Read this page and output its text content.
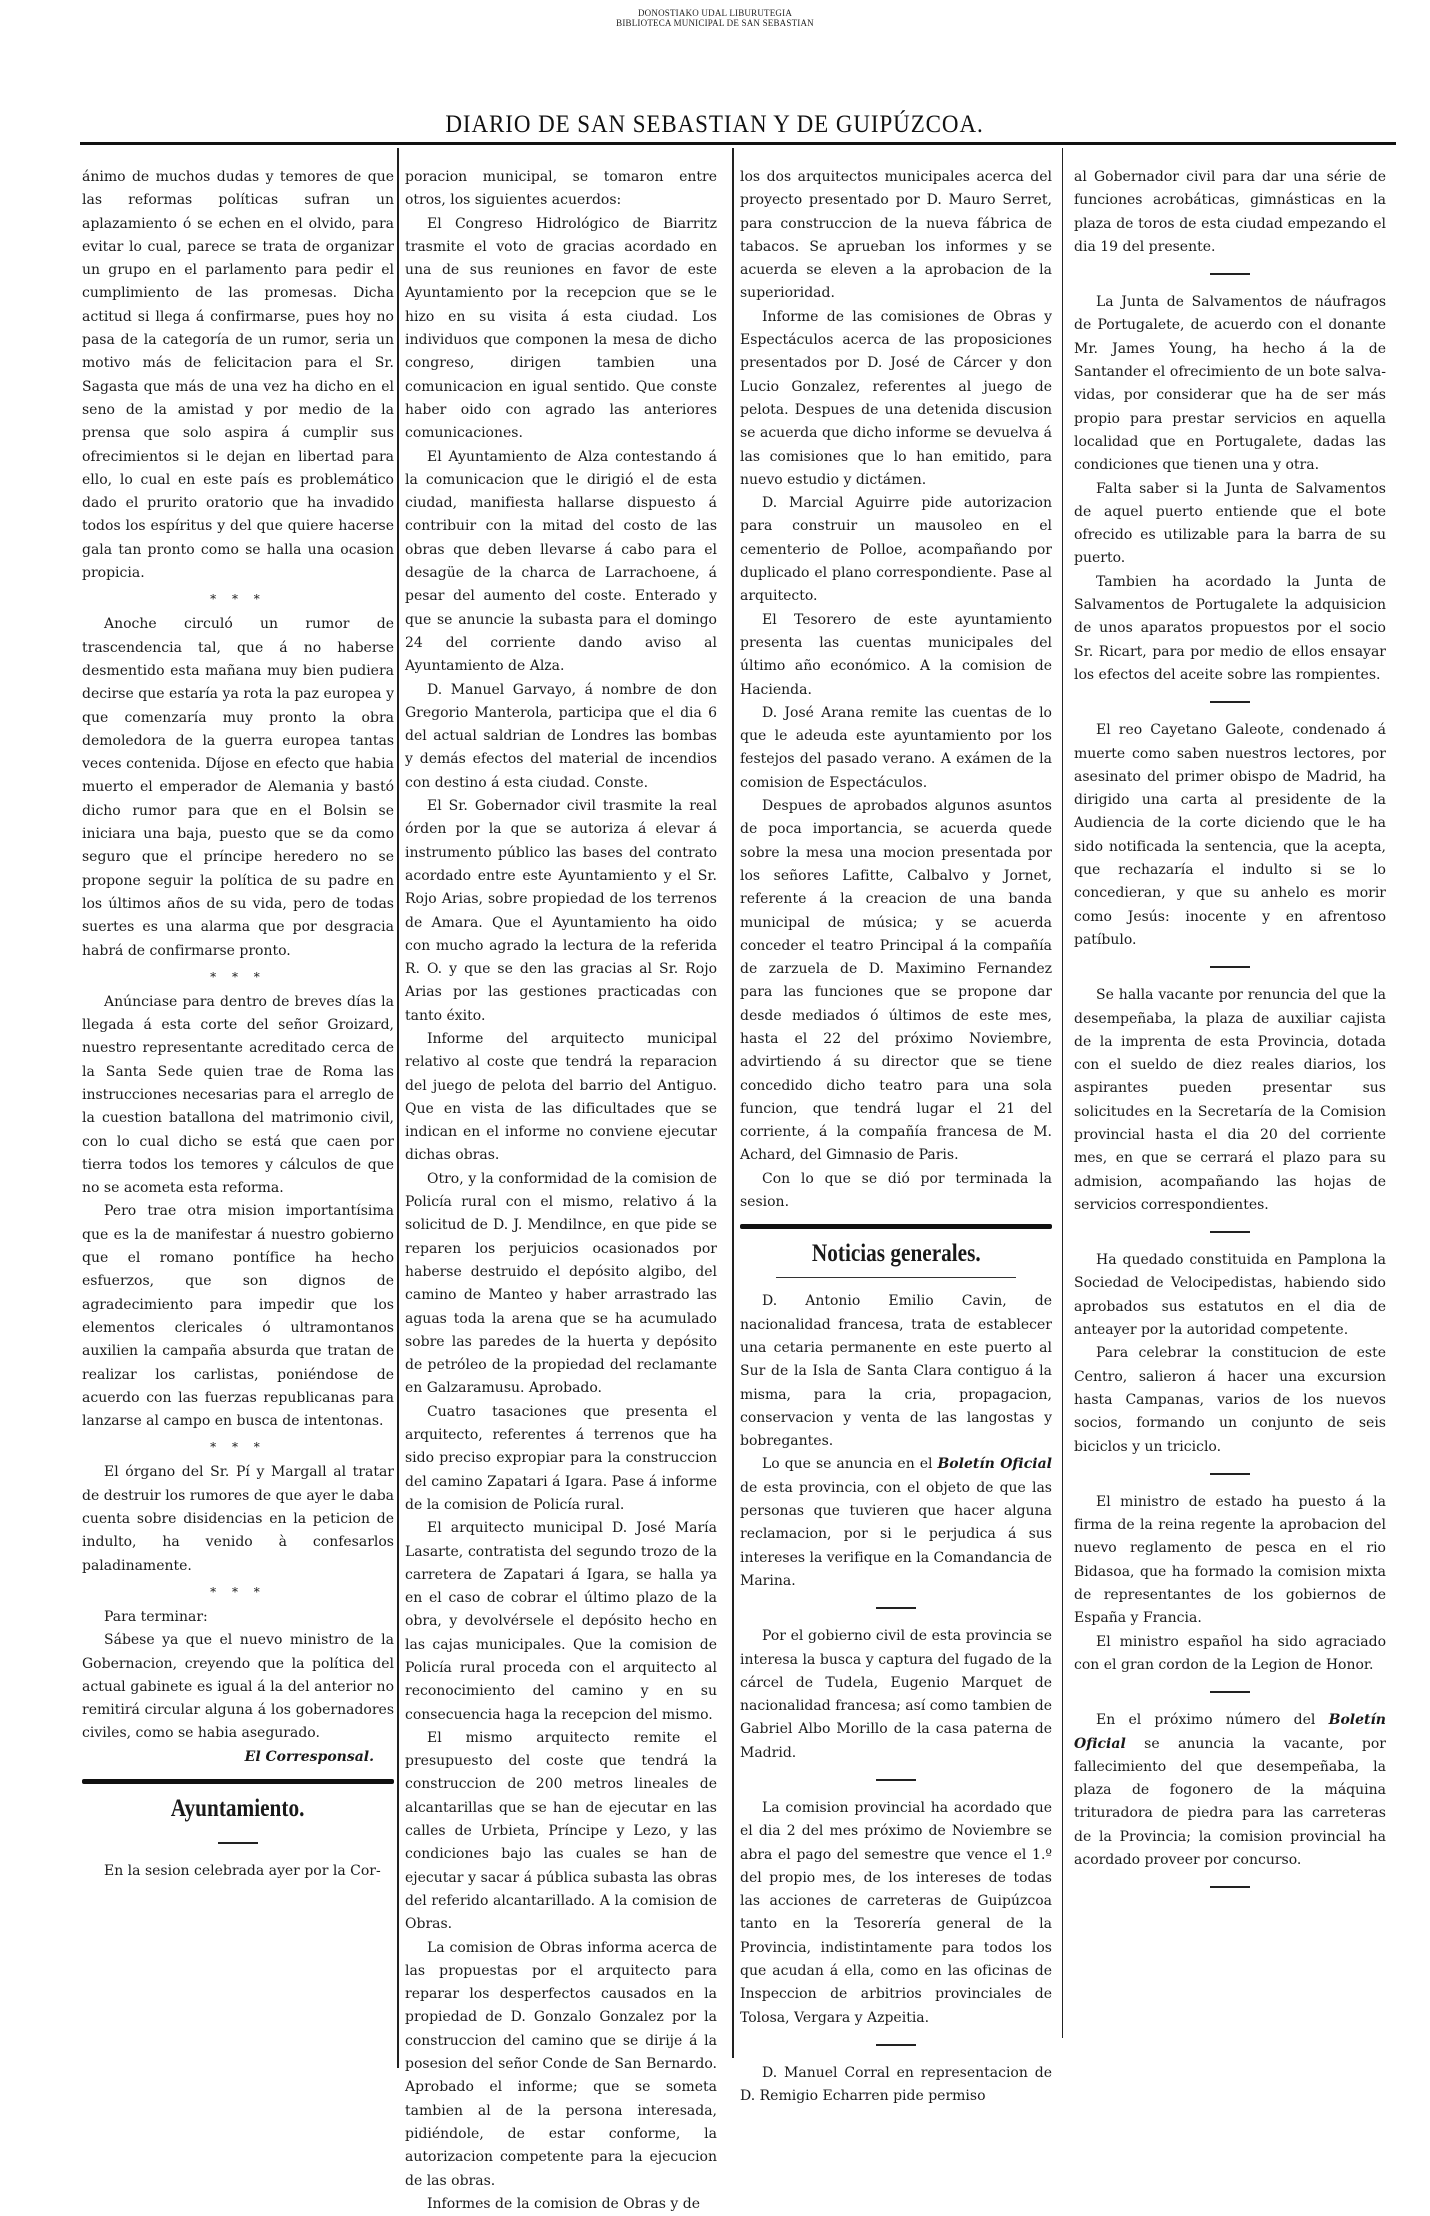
DONOSTIAKO UDAL LIBURUTEGIA
BIBLIOTECA MUNICIPAL DE SAN SEBASTIAN
DIARIO DE SAN SEBASTIAN Y DE GUIPÚZCOA.

ánimo de muchos dudas y temores de que las reformas políticas sufran un aplazamiento ó se echen en el olvido, para evitar lo cual, parece se trata de organizar un grupo en el parlamento para pedir el cumplimiento de las promesas. Dicha actitud si llega á confirmarse, pues hoy no pasa de la categoría de un rumor, seria un motivo más de felicitacion para el Sr. Sagasta que más de una vez ha dicho en el seno de la amistad y por medio de la prensa que solo aspira á cumplir sus ofrecimientos si le dejan en libertad para ello, lo cual en este país es problemático dado el prurito oratorio que ha invadido todos los espíritus y del que quiere hacerse gala tan pronto como se halla una ocasion propicia.

* * *

Anoche circuló un rumor de trascendencia tal, que á no haberse desmentido esta mañana muy bien pudiera decirse que estaría ya rota la paz europea y que comenzaría muy pronto la obra demoledora de la guerra europea tantas veces contenida. Díjose en efecto que habia muerto el emperador de Alemania y bastó dicho rumor para que en el Bolsin se iniciara una baja, puesto que se da como seguro que el príncipe heredero no se propone seguir la política de su padre en los últimos años de su vida, pero de todas suertes es una alarma que por desgracia habrá de confirmarse pronto.

* * *

Anúnciase para dentro de breves días la llegada á esta corte del señor Groizard, nuestro representante acreditado cerca de la Santa Sede quien trae de Roma las instrucciones necesarias para el arreglo de la cuestion batallona del matrimonio civil, con lo cual dicho se está que caen por tierra todos los temores y cálculos de que no se acometa esta reforma.

Pero trae otra mision importantísima que es la de manifestar á nuestro gobierno que el romano pontífice ha hecho esfuerzos, que son dignos de agradecimiento para impedir que los elementos clericales ó ultramontanos auxilien la campaña absurda que tratan de realizar los carlistas, poniéndose de acuerdo con las fuerzas republicanas para lanzarse al campo en busca de intentonas.

* * *

El órgano del Sr. Pí y Margall al tratar de destruir los rumores de que ayer le daba cuenta sobre disidencias en la peticion de indulto, ha venido à confesarlos paladinamente.

* * *

Para terminar:

Sábese ya que el nuevo ministro de la Gobernacion, creyendo que la política del actual gabinete es igual á la del anterior no remitirá circular alguna á los gobernadores civiles, como se habia asegurado.

El Corresponsal.
Ayuntamiento.

En la sesion celebrada ayer por la Cor-

poracion municipal, se tomaron entre otros, los siguientes acuerdos:

El Congreso Hidrológico de Biarritz trasmite el voto de gracias acordado en una de sus reuniones en favor de este Ayuntamiento por la recepcion que se le hizo en su visita á esta ciudad. Los individuos que componen la mesa de dicho congreso, dirigen tambien una comunicacion en igual sentido. Que conste haber oido con agrado las anteriores comunicaciones.

El Ayuntamiento de Alza contestando á la comunicacion que le dirigió el de esta ciudad, manifiesta hallarse dispuesto á contribuir con la mitad del costo de las obras que deben llevarse á cabo para el desagüe de la charca de Larrachoene, á pesar del aumento del coste. Enterado y que se anuncie la subasta para el domingo 24 del corriente dando aviso al Ayuntamiento de Alza.

D. Manuel Garvayo, á nombre de don Gregorio Manterola, participa que el dia 6 del actual saldrian de Londres las bombas y demás efectos del material de incendios con destino á esta ciudad. Conste.

El Sr. Gobernador civil trasmite la real órden por la que se autoriza á elevar á instrumento público las bases del contrato acordado entre este Ayuntamiento y el Sr. Rojo Arias, sobre propiedad de los terrenos de Amara. Que el Ayuntamiento ha oido con mucho agrado la lectura de la referida R. O. y que se den las gracias al Sr. Rojo Arias por las gestiones practicadas con tanto éxito.

Informe del arquitecto municipal relativo al coste que tendrá la reparacion del juego de pelota del barrio del Antiguo. Que en vista de las dificultades que se indican en el informe no conviene ejecutar dichas obras.

Otro, y la conformidad de la comision de Policía rural con el mismo, relativo á la solicitud de D. J. Mendilnce, en que pide se reparen los perjuicios ocasionados por haberse destruido el depósito algibo, del camino de Manteo y haber arrastrado las aguas toda la arena que se ha acumulado sobre las paredes de la huerta y depósito de petróleo de la propiedad del reclamante en Galzaramusu. Aprobado.

Cuatro tasaciones que presenta el arquitecto, referentes á terrenos que ha sido preciso expropiar para la construccion del camino Zapatari á Igara. Pase á informe de la comision de Policía rural.

El arquitecto municipal D. José María Lasarte, contratista del segundo trozo de la carretera de Zapatari á Igara, se halla ya en el caso de cobrar el último plazo de la obra, y devolvérsele el depósito hecho en las cajas municipales. Que la comision de Policía rural proceda con el arquitecto al reconocimiento del camino y en su consecuencia haga la recepcion del mismo.

El mismo arquitecto remite el presupuesto del coste que tendrá la construccion de 200 metros lineales de alcantarillas que se han de ejecutar en las calles de Urbieta, Príncipe y Lezo, y las condiciones bajo las cuales se han de ejecutar y sacar á pública subasta las obras del referido alcantarillado. A la comision de Obras.

La comision de Obras informa acerca de las propuestas por el arquitecto para reparar los desperfectos causados en la propiedad de D. Gonzalo Gonzalez por la construccion del camino que se dirije á la posesion del señor Conde de San Bernardo. Aprobado el informe; que se someta tambien al de la persona interesada, pidiéndole, de estar conforme, la autorizacion competente para la ejecucion de las obras.

Informes de la comision de Obras y de

los dos arquitectos municipales acerca del proyecto presentado por D. Mauro Serret, para construccion de la nueva fábrica de tabacos. Se aprueban los informes y se acuerda se eleven a la aprobacion de la superioridad.

Informe de las comisiones de Obras y Espectáculos acerca de las proposiciones presentados por D. José de Cárcer y don Lucio Gonzalez, referentes al juego de pelota. Despues de una detenida discusion se acuerda que dicho informe se devuelva á las comisiones que lo han emitido, para nuevo estudio y dictámen.

D. Marcial Aguirre pide autorizacion para construir un mausoleo en el cementerio de Polloe, acompañando por duplicado el plano correspondiente. Pase al arquitecto.

El Tesorero de este ayuntamiento presenta las cuentas municipales del último año económico. A la comision de Hacienda.

D. José Arana remite las cuentas de lo que le adeuda este ayuntamiento por los festejos del pasado verano. A exámen de la comision de Espectáculos.

Despues de aprobados algunos asuntos de poca importancia, se acuerda quede sobre la mesa una mocion presentada por los señores Lafitte, Calbalvo y Jornet, referente á la creacion de una banda municipal de música; y se acuerda conceder el teatro Principal á la compañía de zarzuela de D. Maximino Fernandez para las funciones que se propone dar desde mediados ó últimos de este mes, hasta el 22 del próximo Noviembre, advirtiendo á su director que se tiene concedido dicho teatro para una sola funcion, que tendrá lugar el 21 del corriente, á la compañía francesa de M. Achard, del Gimnasio de Paris.

Con lo que se dió por terminada la sesion.

Noticias generales.

D. Antonio Emilio Cavin, de nacionalidad francesa, trata de establecer una cetaria permanente en este puerto al Sur de la Isla de Santa Clara contiguo á la misma, para la cria, propagacion, conservacion y venta de las langostas y bobregantes.

Lo que se anuncia en el Boletín Oficial de esta provincia, con el objeto de que las personas que tuvieren que hacer alguna reclamacion, por si le perjudica á sus intereses la verifique en la Comandancia de Marina.

Por el gobierno civil de esta provincia se interesa la busca y captura del fugado de la cárcel de Tudela, Eugenio Marquet de nacionalidad francesa; así como tambien de Gabriel Albo Morillo de la casa paterna de Madrid.

La comision provincial ha acordado que el dia 2 del mes próximo de Noviembre se abra el pago del semestre que vence el 1.º del propio mes, de los intereses de todas las acciones de carreteras de Guipúzcoa tanto en la Tesorería general de la Provincia, indistintamente para todos los que acudan á ella, como en las oficinas de Inspeccion de arbitrios provinciales de Tolosa, Vergara y Azpeitia.

D. Manuel Corral en representacion de D. Remigio Echarren pide permiso

al Gobernador civil para dar una série de funciones acrobáticas, gimnásticas en la plaza de toros de esta ciudad empezando el dia 19 del presente.

La Junta de Salvamentos de náufragos de Portugalete, de acuerdo con el donante Mr. James Young, ha hecho á la de Santander el ofrecimiento de un bote salva-vidas, por considerar que ha de ser más propio para prestar servicios en aquella localidad que en Portugalete, dadas las condiciones que tienen una y otra.

Falta saber si la Junta de Salvamentos de aquel puerto entiende que el bote ofrecido es utilizable para la barra de su puerto.

Tambien ha acordado la Junta de Salvamentos de Portugalete la adquisicion de unos aparatos propuestos por el socio Sr. Ricart, para por medio de ellos ensayar los efectos del aceite sobre las rompientes.

El reo Cayetano Galeote, condenado á muerte como saben nuestros lectores, por asesinato del primer obispo de Madrid, ha dirigido una carta al presidente de la Audiencia de la corte diciendo que le ha sido notificada la sentencia, que la acepta, que rechazaría el indulto si se lo concedieran, y que su anhelo es morir como Jesús: inocente y en afrentoso patíbulo.

Se halla vacante por renuncia del que la desempeñaba, la plaza de auxiliar cajista de la imprenta de esta Provincia, dotada con el sueldo de diez reales diarios, los aspirantes pueden presentar sus solicitudes en la Secretaría de la Comision provincial hasta el dia 20 del corriente mes, en que se cerrará el plazo para su admision, acompañando las hojas de servicios correspondientes.

Ha quedado constituida en Pamplona la Sociedad de Velocipedistas, habiendo sido aprobados sus estatutos en el dia de anteayer por la autoridad competente.

Para celebrar la constitucion de este Centro, salieron á hacer una excursion hasta Campanas, varios de los nuevos socios, formando un conjunto de seis biciclos y un triciclo.

El ministro de estado ha puesto á la firma de la reina regente la aprobacion del nuevo reglamento de pesca en el rio Bidasoa, que ha formado la comision mixta de representantes de los gobiernos de España y Francia.

El ministro español ha sido agraciado con el gran cordon de la Legion de Honor.

En el próximo número del Boletín Oficial se anuncia la vacante, por fallecimiento del que desempeñaba, la plaza de fogonero de la máquina trituradora de piedra para las carreteras de la Provincia; la comision provincial ha acordado proveer por concurso.
